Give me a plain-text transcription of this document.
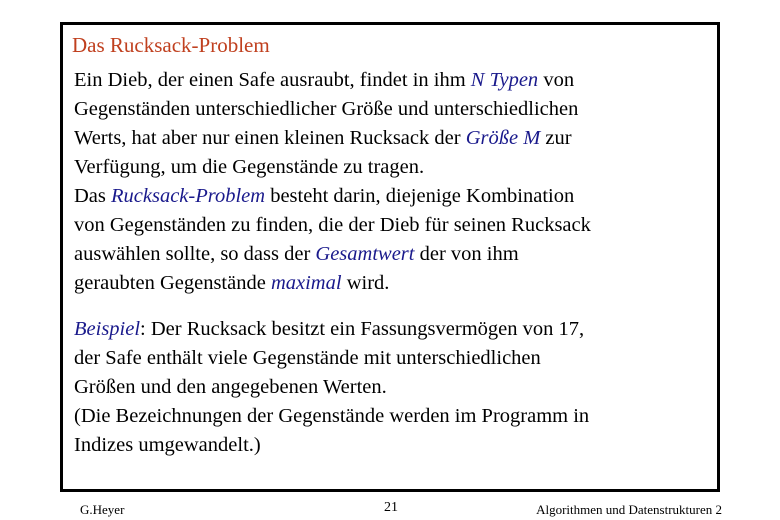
Das Rucksack-Problem
Ein Dieb, der einen Safe ausraubt, findet in ihm N Typen von
Gegenständen unterschiedlicher Größe und unterschiedlichen
Werts, hat aber nur einen kleinen Rucksack der Größe M zur
Verfügung, um die Gegenstände zu tragen.
Das Rucksack-Problem besteht darin, diejenige Kombination
von Gegenständen zu finden, die der Dieb für seinen Rucksack
auswählen sollte, so dass der Gesamtwert der von ihm
geraubten Gegenstände maximal wird.
Beispiel: Der Rucksack besitzt ein Fassungsvermögen von 17,
der Safe enthält viele Gegenstände mit unterschiedlichen
Größen und den angegebenen Werten.
(Die Bezeichnungen der Gegenstände werden im Programm in
Indizes umgewandelt.)
G.Heyer	21	Algorithmen und Datenstrukturen 2
